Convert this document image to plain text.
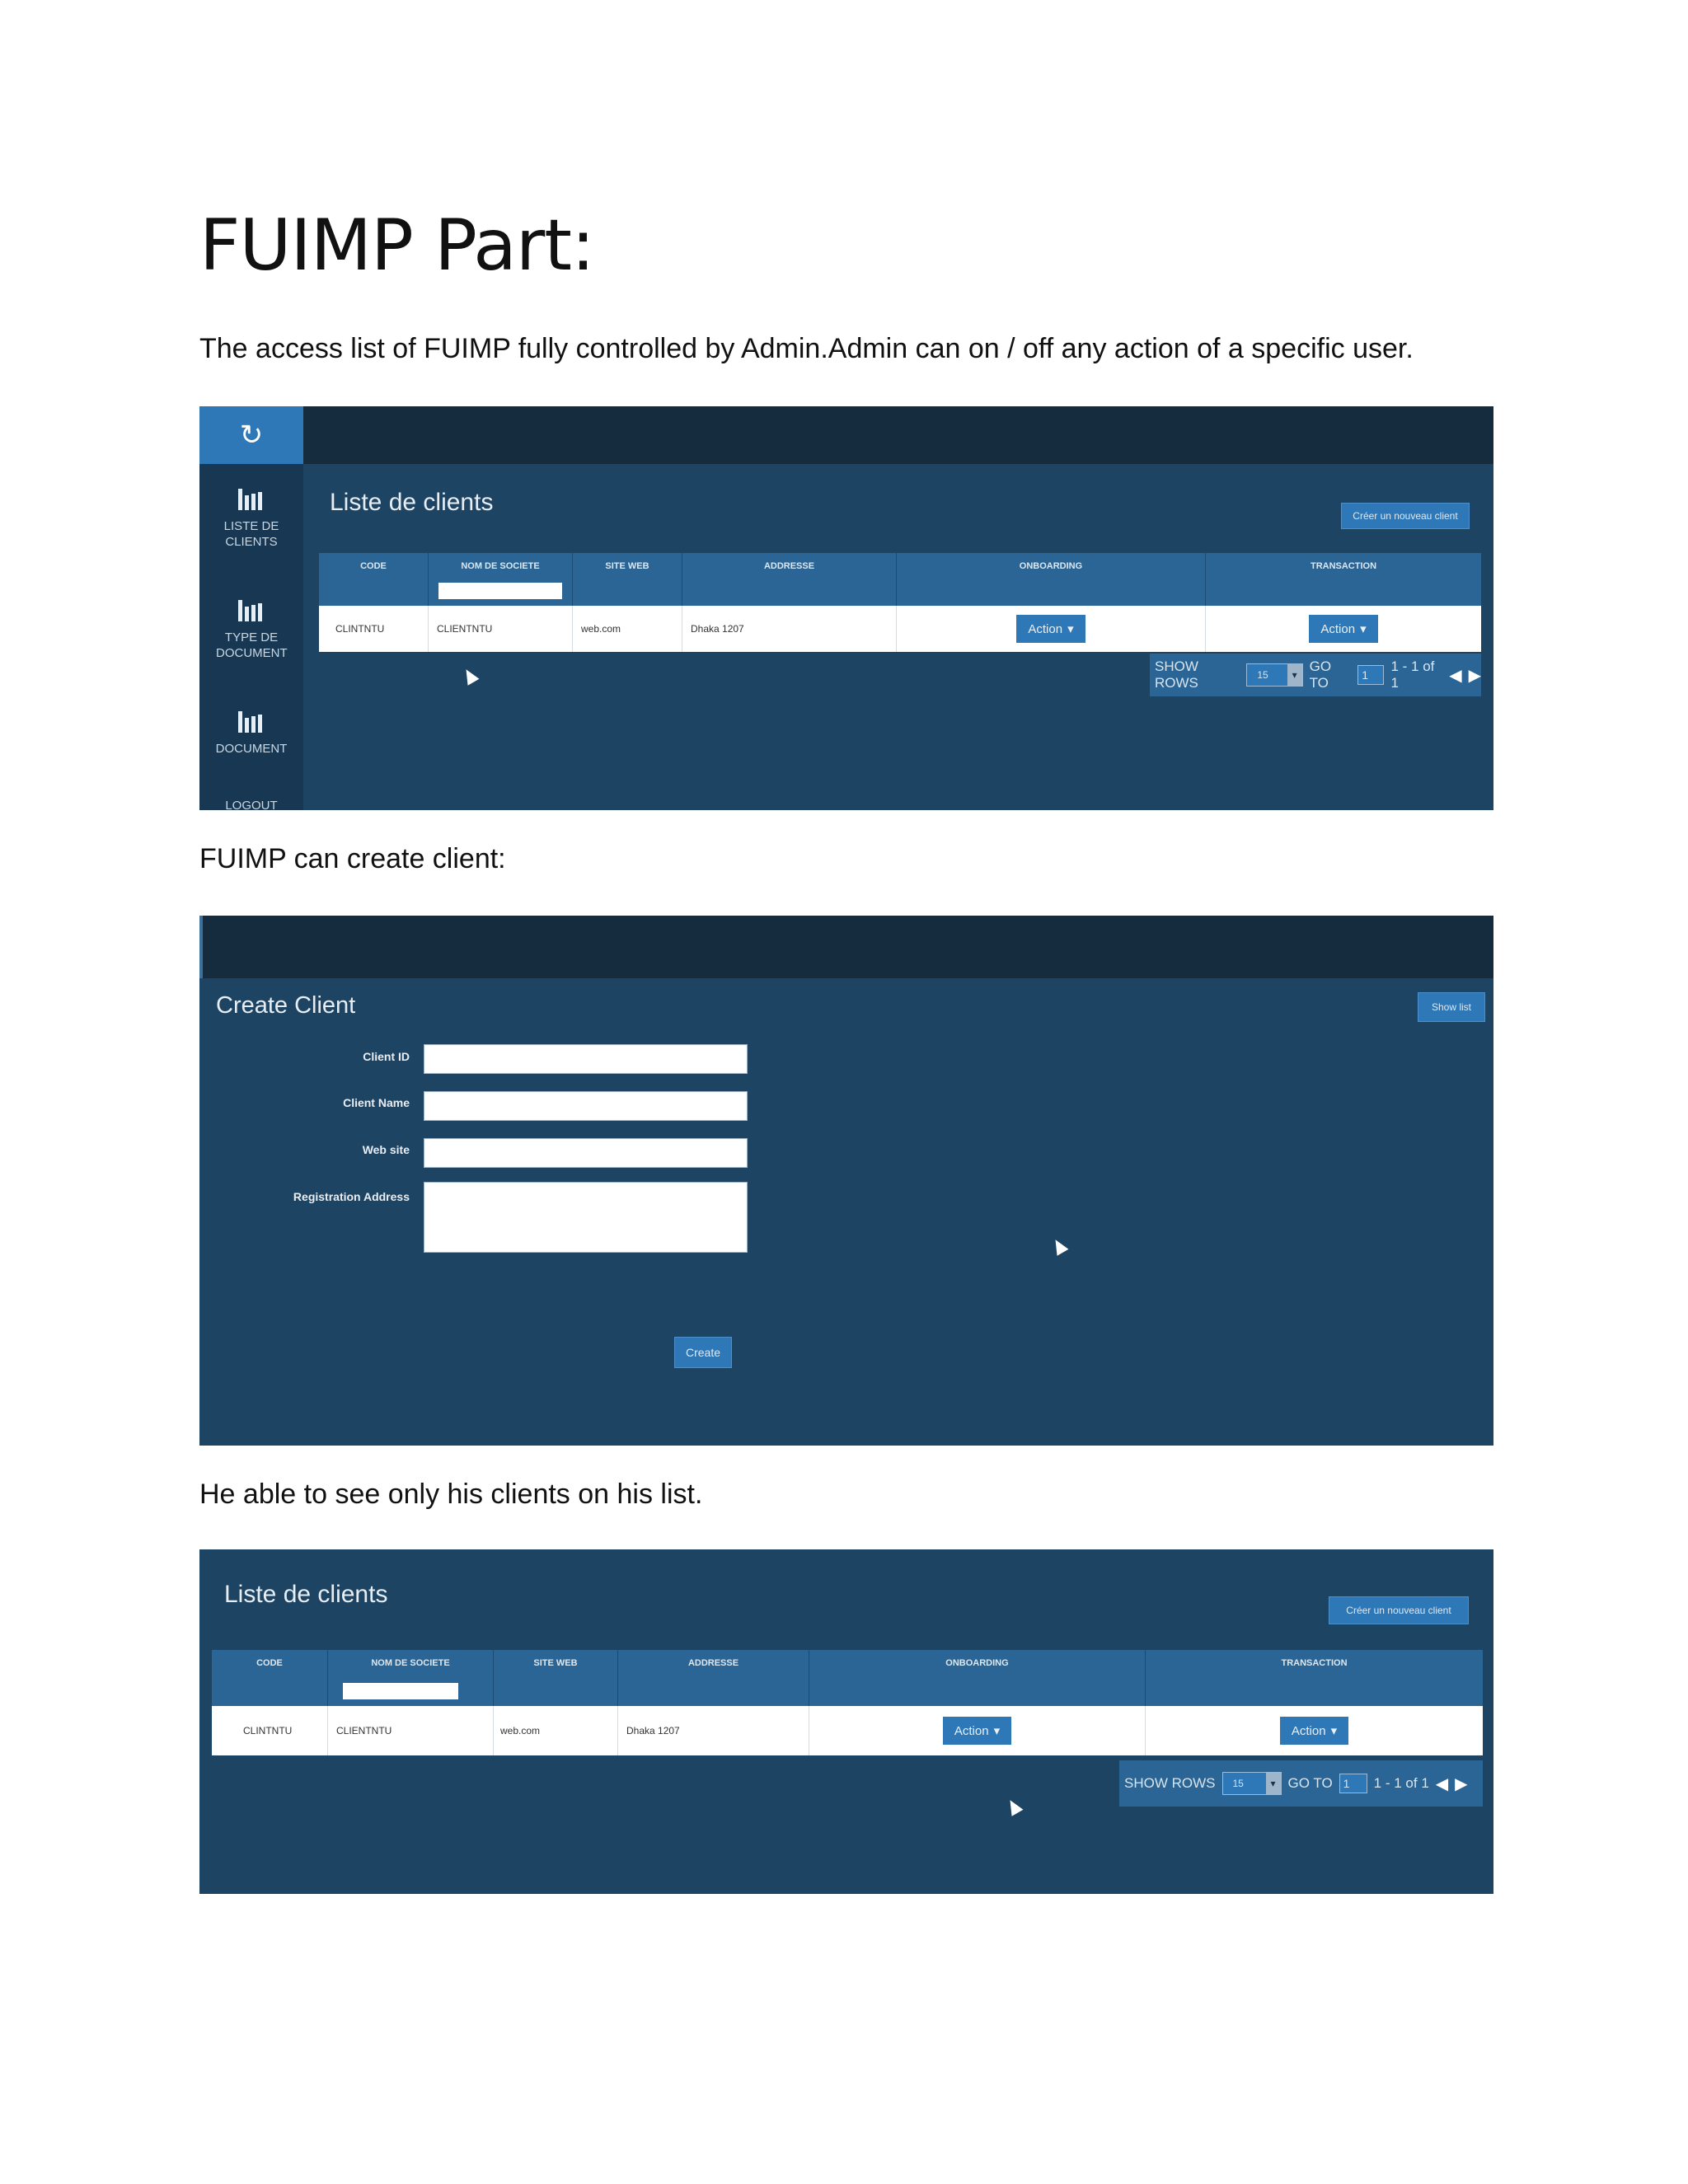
FUIMP Part:
The access list of FUIMP fully controlled by Admin.Admin can on / off any action of a specific user.
↻
LISTE DE CLIENTS
TYPE DE DOCUMENT
DOCUMENT
LOGOUT
Liste de clients	Créer un nouveau client
CODE	NOM DE SOCIETE	SITE WEB	ADDRESSE	ONBOARDING	TRANSACTION
CLINTNTU	CLIENTNTU	web.com	Dhaka 1207	Action ▾	Action ▾
SHOW ROWS	15	▾
GO TO	1
1 - 1 of 1	◀ ▶
FUIMP can create client:
Create Client	Show list
Client ID
Client Name
Web site
Registration Address
Create
He able to see only his clients on his list.
Liste de clients
Créer un nouveau client
CODE	NOM DE SOCIETE	SITE WEB	ADDRESSE	ONBOARDING	TRANSACTION
CLINTNTU	CLIENTNTU	web.com	Dhaka 1207	Action ▾	Action ▾
SHOW ROWS 15	▾ GO TO 1	1 - 1 of 1 ◀ ▶
